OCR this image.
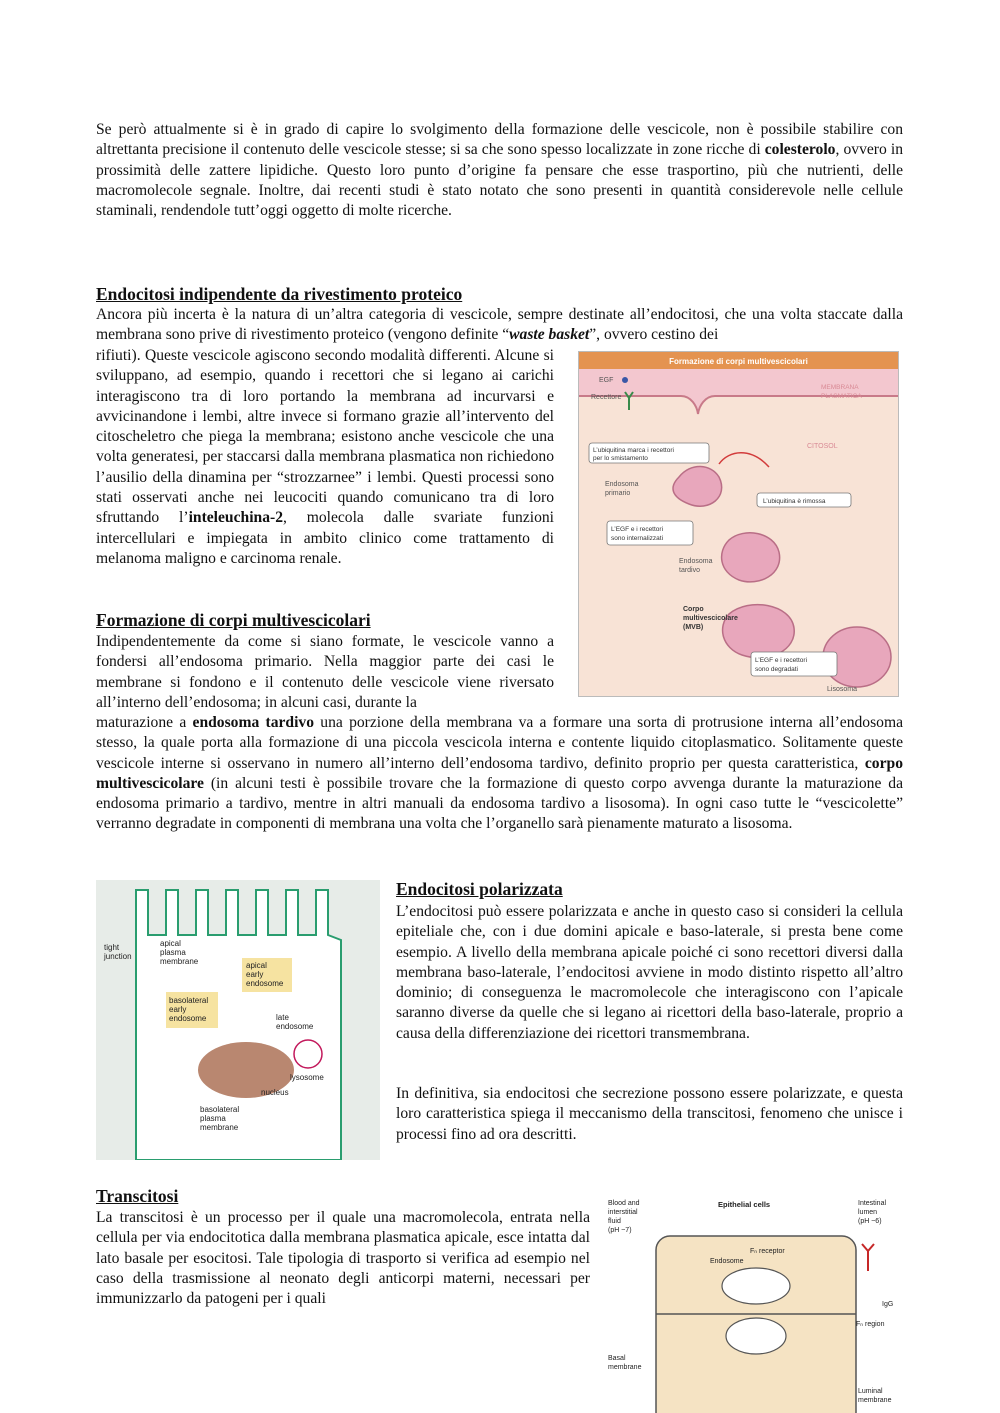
Se però attualmente si è in grado di capire lo svolgimento della formazione delle vescicole, non è possibile stabilire con altrettanta precisione il contenuto delle vescicole stesse; si sa che sono spesso localizzate in zone ricche di colesterolo, ovvero in prossimità delle zattere lipidiche. Questo loro punto d’origine fa pensare che esse trasportino, più che nutrienti, delle macromolecole segnale. Inoltre, dai recenti studi è stato notato che sono presenti in quantità considerevole nelle cellule staminali, rendendole tutt’oggi oggetto di molte ricerche.

Endocitosi indipendente da rivestimento proteico

Ancora più incerta è la natura di un’altra categoria di vescicole, sempre destinate all’endocitosi, che una volta staccate dalla membrana sono prive di rivestimento proteico (vengono definite “waste basket”, ovvero cestino dei

rifiuti). Queste vescicole agiscono secondo modalità differenti. Alcune si sviluppano, ad esempio, quando i recettori che si legano ai carichi interagiscono tra di loro portando la membrana ad incurvarsi e avvicinandone i lembi, altre invece si formano grazie all’intervento del citoscheletro che piega la membrana; esistono anche vescicole che una volta generatesi, per staccarsi dalla membrana plasmatica non richiedono l’ausilio della dinamina per “strozzarnee” i lembi. Questi processi sono stati osservati anche nei leucociti quando comunicano tra di loro sfruttando l’inteleuchina-2, molecola dalle svariate funzioni intercellulari e impiegata in ambito clinico come trattamento di melanoma maligno e carcinoma renale.

Formazione di corpi multivescicolari

Indipendentemente da come si siano formate, le vescicole vanno a fondersi all’endosoma primario. Nella maggior parte dei casi le membrane si fondono e il contenuto delle vescicole viene riversato all’interno dell’endosoma; in alcuni casi, durante la

maturazione a endosoma tardivo una porzione della membrana va a formare una sorta di protrusione interna all’endosoma stesso, la quale porta alla formazione di una piccola vescicola interna e contente liquido citoplasmatico. Solitamente queste vescicole interne si osservano in numero all’interno dell’endosoma tardivo, definito proprio per questa caratteristica, corpo multivescicolare (in alcuni testi è possibile trovare che la formazione di questo corpo avvenga durante la maturazione da endosoma primario a tardivo, mentre in altri manuali da endosoma tardivo a lisosoma). In ogni caso tutte le “vescicolette” verranno degradate in componenti di membrana una volta che l’organello sarà pienamente maturato a lisosoma.

Endocitosi polarizzata

L’endocitosi può essere polarizzata e anche in questo caso si consideri la cellula epiteliale che, con i due domini apicale e baso-laterale, si presta bene come esempio. A livello della membrana apicale poiché ci sono recettori diversi dalla membrana baso-laterale, l’endocitosi avviene in modo distinto rispetto all’altro dominio; di conseguenza le macromolecole che interagiscono con l’apicale saranno diverse da quelle che si legano ai ricettori della baso-laterale, proprio a causa della differenziazione dei ricettori transmembrana.

In definitiva, sia endocitosi che secrezione possono essere polarizzate, e questa loro caratteristica spiega il meccanismo della transcitosi, fenomeno che unisce i processi fino ad ora descritti.

Transcitosi

La transcitosi è un processo per il quale una macromolecola, entrata nella cellula per via endocitotica dalla membrana plasmatica apicale, esce intatta dal lato basale per esocitosi. Tale tipologia di trasporto si verifica ad esempio nel caso della trasmissione al neonato degli anticorpi materni, necessari per immunizzarlo da patogeni per i quali

Formazione di corpi multivescicolari
EGF
Recettore
MEMBRANA
PLASMATICA
CITOSOL
L’ubiquitina marca i recettori
per lo smistamento
Endosoma
primario
L’ubiquitina è rimossa
L’EGF e i recettori
sono internalizzati
Endosoma
tardivo
Corpo
multivescicolare
(MVB)
L’EGF e i recettori
sono degradati
Lisosoma
tight
junction
apical
plasma
membrane	apical
early
endosome
basolateral
early
endosome	late
endosome
lysosome
nucleus
basolateral
plasma
membrane
Blood and
interstitial
fluid
(pH ~7)
Epithelial cells	Intestinal
lumen
(pH ~6)
Fₙ receptor
Endosome
IgG
Fₙ region
Basal
membrane
Luminal
membrane
